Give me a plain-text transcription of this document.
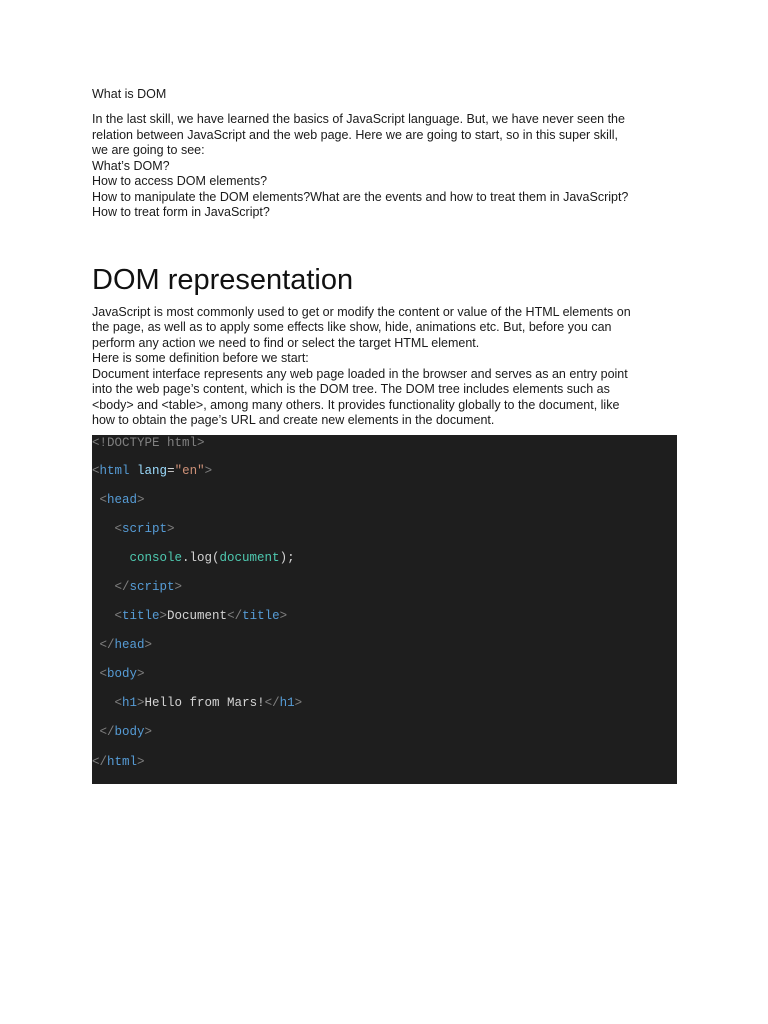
What is DOM

In the last skill, we have learned the basics of JavaScript language. But, we have never seen the
relation between JavaScript and the web page. Here we are going to start, so in this super skill,
we are going to see:
What’s DOM?
How to access DOM elements?
How to manipulate the DOM elements?What are the events and how to treat them in JavaScript?
How to treat form in JavaScript?
DOM representation
JavaScript is most commonly used to get or modify the content or value of the HTML elements on
the page, as well as to apply some effects like show, hide, animations etc. But, before you can
perform any action we need to find or select the target HTML element.
Here is some definition before we start:
Document interface represents any web page loaded in the browser and serves as an entry point
into the web page’s content, which is the DOM tree. The DOM tree includes elements such as
<body> and <table>, among many others. It provides functionality globally to the document, like
how to obtain the page’s URL and create new elements in the document.
<!DOCTYPE html>
<html lang="en">
<head>
<script>
console.log(document);
</script>
<title>Document</title>
</head>
<body>
<h1>Hello from Mars!</h1>
</body>
</html>
